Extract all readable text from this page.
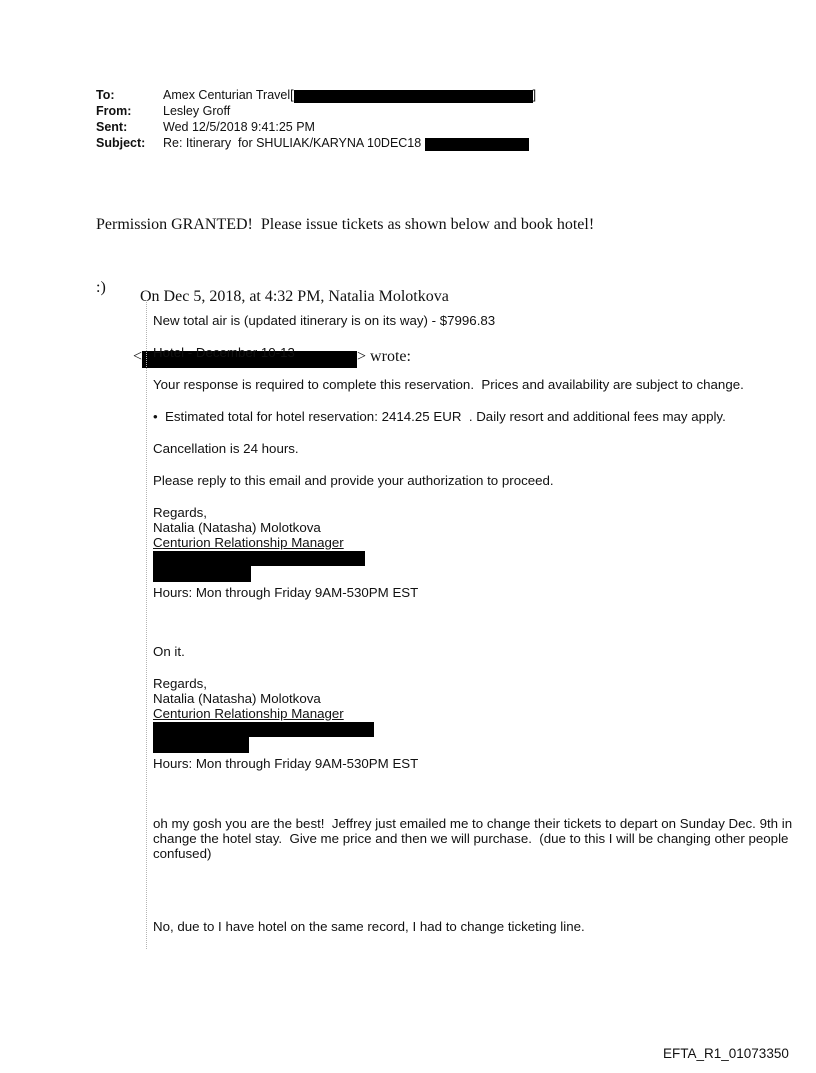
To:	Amex Centurian Travel[	]
From:	Lesley Groff
Sent:	Wed 12/5/2018 9:41:25 PM
Subject:	Re: Itinerary  for SHULIAK/KARYNA 10DEC18

Permission GRANTED!  Please issue tickets as shown below and book hotel!

:)

On Dec 5, 2018, at 4:32 PM, Natalia Molotkova

<	> wrote:

New total air is (updated itinerary is on its way) - $7996.83
Hotel - December 10-13
Your response is required to complete this reservation.  Prices and availability are subject to change.
•  Estimated total for hotel reservation: 2414.25 EUR  . Daily resort and additional fees may apply.
Cancellation is 24 hours.
Please reply to this email and provide your authorization to proceed.
Regards,
Natalia (Natasha) Molotkova
Centurion Relationship Manager
Hours: Mon through Friday 9AM-530PM EST
On it.
Regards,
Natalia (Natasha) Molotkova
Centurion Relationship Manager
Hours: Mon through Friday 9AM-530PM EST
oh my gosh you are the best!  Jeffrey just emailed me to change their tickets to depart on Sunday Dec. 9th in
change the hotel stay.  Give me price and then we will purchase.  (due to this I will be changing other people
confused)
No, due to I have hotel on the same record, I had to change ticketing line.
EFTA_R1_01073350
